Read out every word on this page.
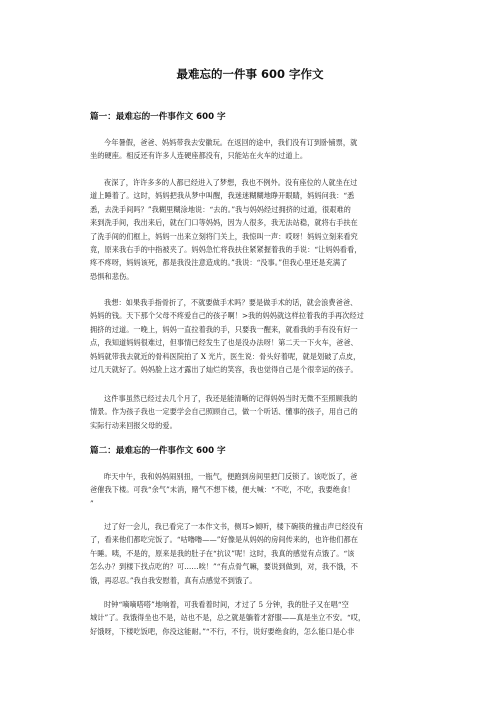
最难忘的一件事 600 字作文
篇一：最难忘的一件事作文 600 字
今年暑假，爸爸、妈妈带我去安徽玩。在返回的途中，我们没有订到卧铺票，就
坐的硬座。相反还有许多人连硬座都没有，只能站在火车的过道上。
夜深了，许许多多的人都已经进入了梦想，我也不例外。没有座位的人就坐在过
道上睡着了。这时，妈妈把我从梦中叫醒，我迷迷糊糊地睁开眼睛，妈妈问我：“悉
悉，去洗手间吗？”我糊里糊涂地说：“去的。”我与妈妈经过拥挤的过道，很艰难的
来到洗手间，我出来后，就在门口等妈妈，因为人很多，我无法站稳，就将右手扶在
了洗手间的们框上，妈妈一出来立刻将门关上，我惊叫一声：哎呀！妈妈立刻来看究
竟，原来我右手的中指被夹了。妈妈急忙将我扶住紧紧握着我的手说：“让妈妈看看，
疼不疼呀，妈妈该死，都是我没注意造成的。”我说：“没事。”但我心里还是充满了
恐惧和悲伤。
我想：如果我手指骨折了，不就要做手术吗？要是做手术的话，就会浪费爸爸、
妈妈的钱。天下那个父母不疼爱自己的孩子啊！>我的妈妈就这样拉着我的手再次经过
拥挤的过道。一晚上，妈妈一直拉着我的手，只要我一醒来，就看我的手有没有好一
点，我知道妈妈很难过，但事情已经发生了也是没办法呀！第二天一下火车，爸爸、
妈妈就带我去就近的骨科医院拍了 X 光片，医生说：骨头好着呢，就是划破了点皮，
过几天就好了。妈妈脸上这才露出了灿烂的笑容，我也觉得自己是个很幸运的孩子。
这件事虽然已经过去几个月了，我还是能清晰的记得妈妈当时无微不至照顾我的
情景。作为孩子我也一定要学会自己照顾自己，做一个听话、懂事的孩子，用自己的
实际行动来回报父母的爱。
篇二：最难忘的一件事作文 600 字
昨天中午，我和妈妈闹别扭，一瓶气，便跑到房间里把门反锁了。该吃饭了，爸
爸催我下楼。可我“余气”未消，赌气不想下楼，便大喊：“不吃，不吃，我要绝食！
”
过了好一会儿，我已看完了一本作文书，侧耳>倾听，楼下碗筷的撞击声已经没有
了，看来他们都吃完饭了。“咕噜噜——”好像是从妈妈的房间传来的，也许他们都在
午睡。咦，不是的，原来是我的肚子在“抗议”呢！这时，我真的感觉有点饿了。“该
怎么办？到楼下找点吃的？可……唉！”“有点骨气嘛，要说到做到，对，我不饿，不
饿，再忍忍。”我自我安慰着，真有点感觉不到饿了。
时钟“嘀嘀嗒嗒”地响着，可我看着时间，才过了 5 分钟，我的肚子又在唱“空
城计”了。我饿得坐也不是，站也不是，总之就是躺着才舒服——真是坐立不安。“哎，
好饿呀，下楼吃饭吧，你没这能耐。”“不行，不行，说好要绝食的，怎么能口是心非
